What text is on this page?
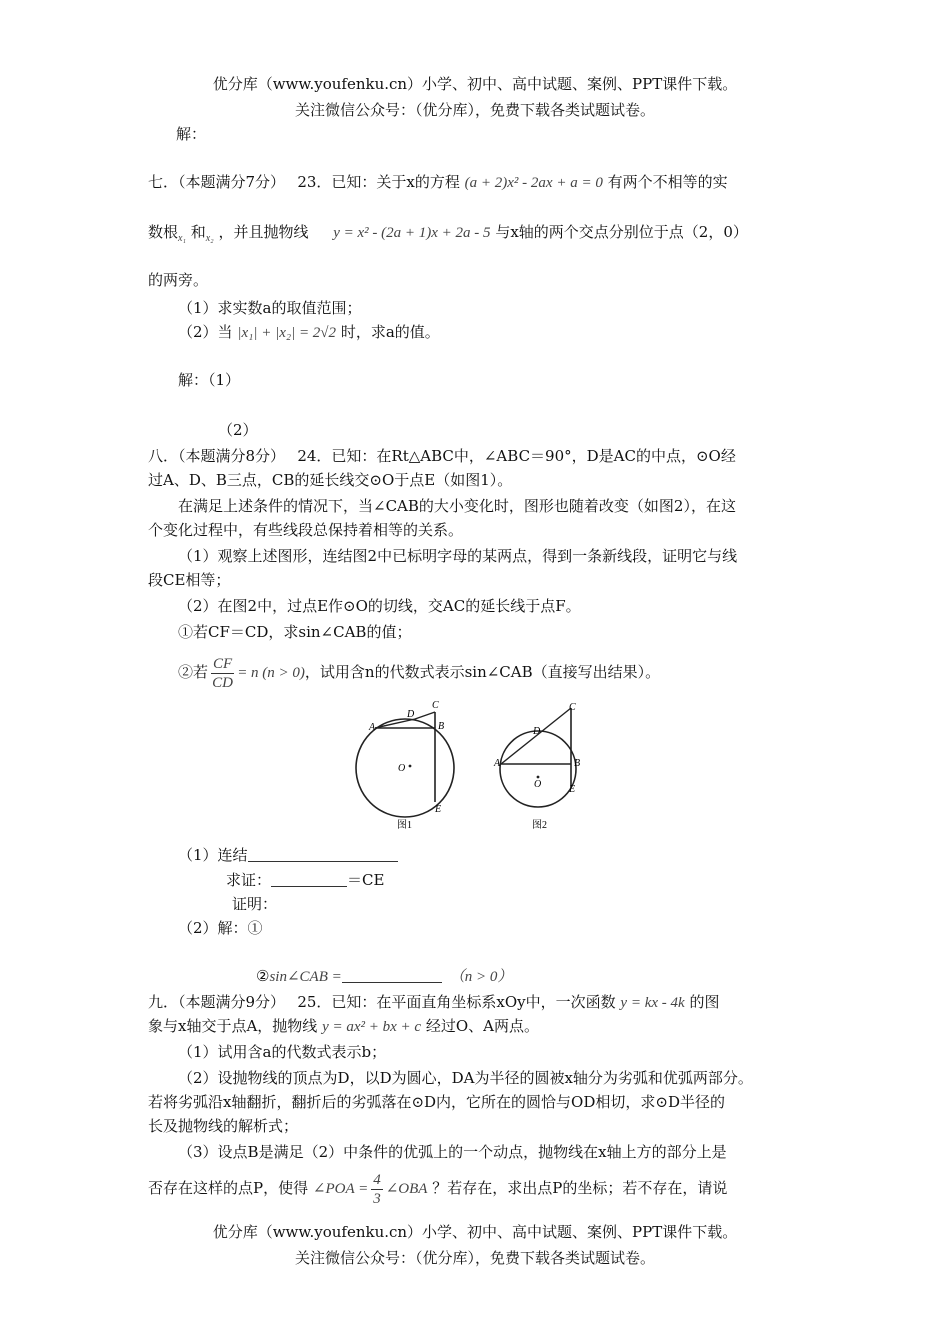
优分库（www.youfenku.cn）小学、初中、高中试题、案例、PPT课件下载。
关注微信公众号：（优分库），免费下载各类试题试卷。
解：
七．（本题满分7分）　 23．已知：关于x的方程 (a + 2)x² - 2ax + a = 0 有两个不相等的实
数根$_{x_1}$ 和$_{x_2}$ ，并且抛物线 y = x² - (2a + 1)x + 2a - 5 与x轴的两个交点分别位于点（2，0）
的两旁。
（1）求实数a的取值范围；
（2）当 |x₁| + |x₂| = 2√2 时，求a的值。
解：（1）
（2）
八．（本题满分8分）　 24．已知：在Rt△ABC中，∠ABC＝90°，D是AC的中点，⊙O经
过A、D、B三点，CB的延长线交⊙O于点E（如图1）。
在满足上述条件的情况下，当∠CAB的大小变化时，图形也随着改变（如图2），在这
个变化过程中，有些线段总保持着相等的关系。
（1）观察上述图形，连结图2中已标明字母的某两点，得到一条新线段，证明它与线
段CE相等；
（2）在图2中，过点E作⊙O的切线，交AC的延长线于点F。
①若CF＝CD，求sin∠CAB的值；
②若 $\frac{CF}{CD} = n$ (n > 0)，试用含n的代数式表示sin∠CAB（直接写出结果）。
A
D
C
B
E
O
图1
A
D
C
B
E
O
图2
（1）连结
求证：	＝CE
证明：
（2）解：①
②sin∠CAB =	（n > 0）
九．（本题满分9分）　 25．已知：在平面直角坐标系xOy中，一次函数 y = kx - 4k 的图
象与x轴交于点A，抛物线 y = ax² + bx + c 经过O、A两点。
（1）试用含a的代数式表示b；
（2）设抛物线的顶点为D，以D为圆心，DA为半径的圆被x轴分为劣弧和优弧两部分。
若将劣弧沿x轴翻折，翻折后的劣弧落在⊙D内，它所在的圆恰与OD相切，求⊙D半径的
长及抛物线的解析式；
（3）设点B是满足（2）中条件的优弧上的一个动点，抛物线在x轴上方的部分上是
否存在这样的点P，使得 ∠POA = $\frac{4}{3}$ ∠OBA ？若存在，求出点P的坐标；若不存在，请说
优分库（www.youfenku.cn）小学、初中、高中试题、案例、PPT课件下载。
关注微信公众号：（优分库），免费下载各类试题试卷。
